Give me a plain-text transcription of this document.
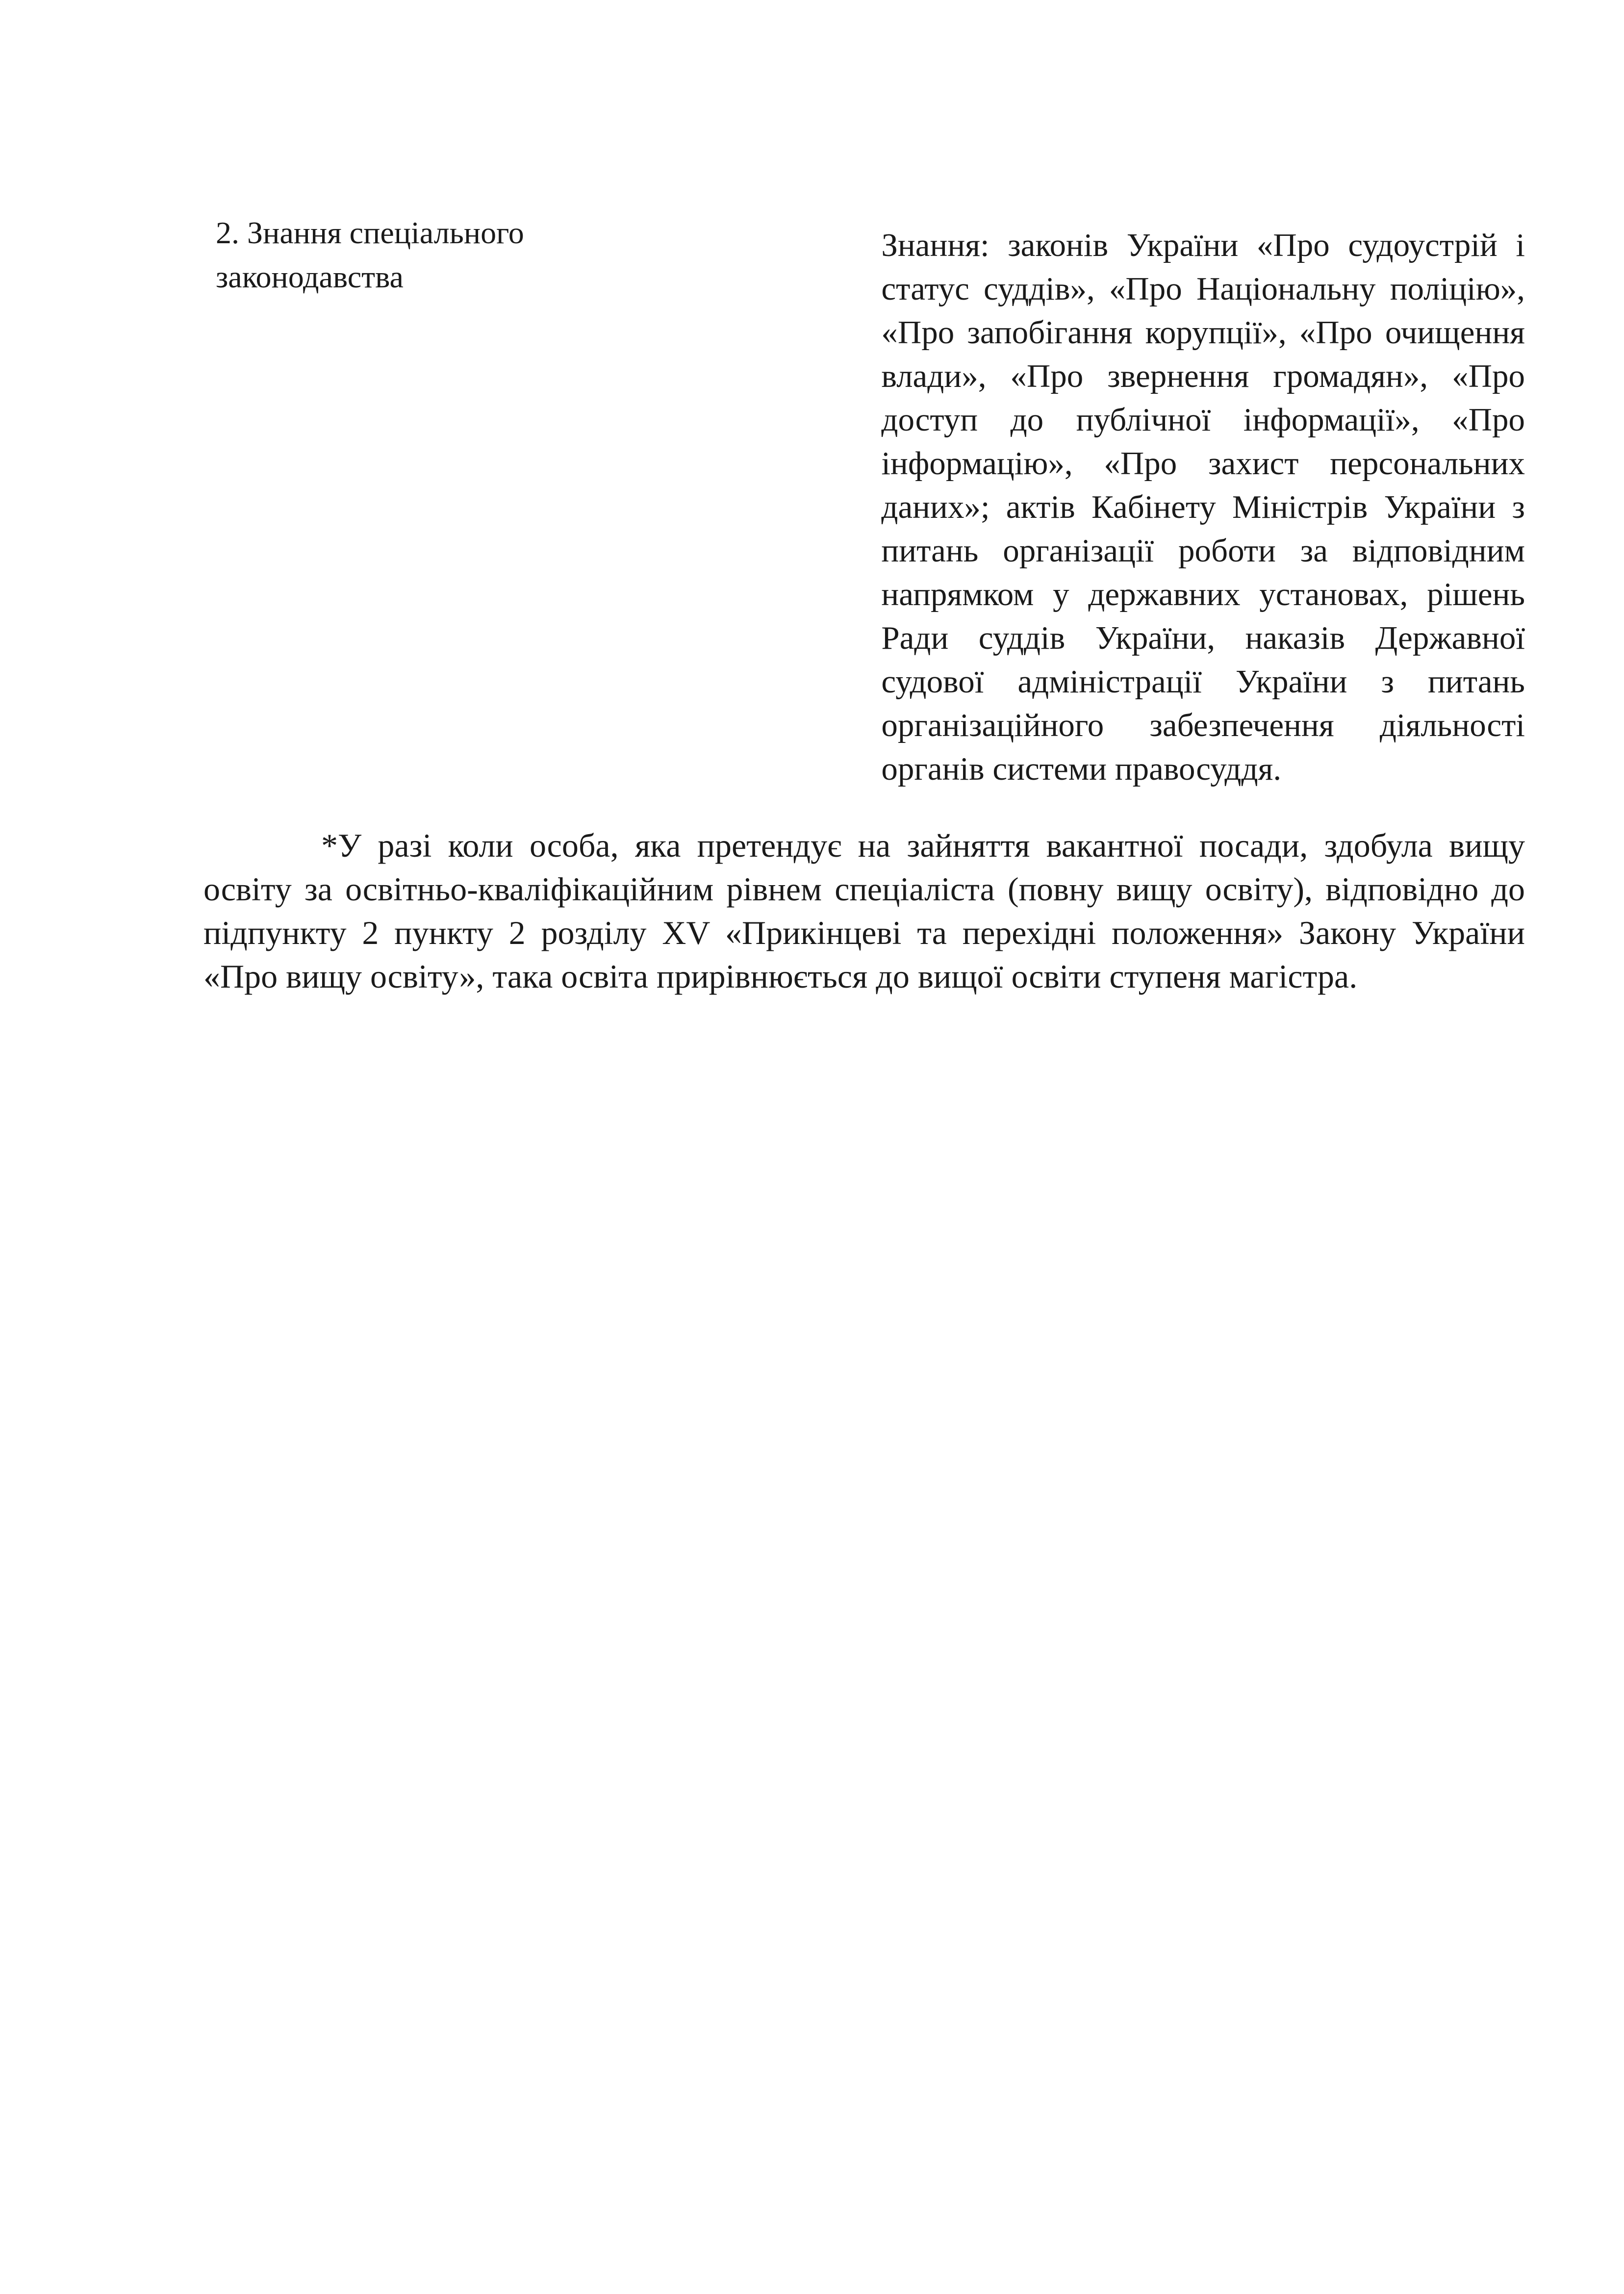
2. Знання спеціального законодавства		Знання: законів України «Про судоустрій і статус суддів», «Про Національну поліцію», «Про запобігання корупції», «Про очищення влади», «Про звернення громадян», «Про доступ до публічної інформації», «Про інформацію», «Про захист персональних даних»; актів Кабінету Міністрів України з питань організації роботи за відповідним напрямком у державних установах, рішень Ради суддів України, наказів Державної судової адміністрації України з питань організаційного забезпечення діяльності органів системи правосуддя.

*У разі коли особа, яка претендує на зайняття вакантної посади, здобула вищу освіту за освітньо-кваліфікаційним рівнем спеціаліста (повну вищу освіту), відповідно до підпункту 2 пункту 2 розділу XV «Прикінцеві та перехідні положення» Закону України «Про вищу освіту», така освіта прирівнюється до вищої освіти ступеня магістра.
